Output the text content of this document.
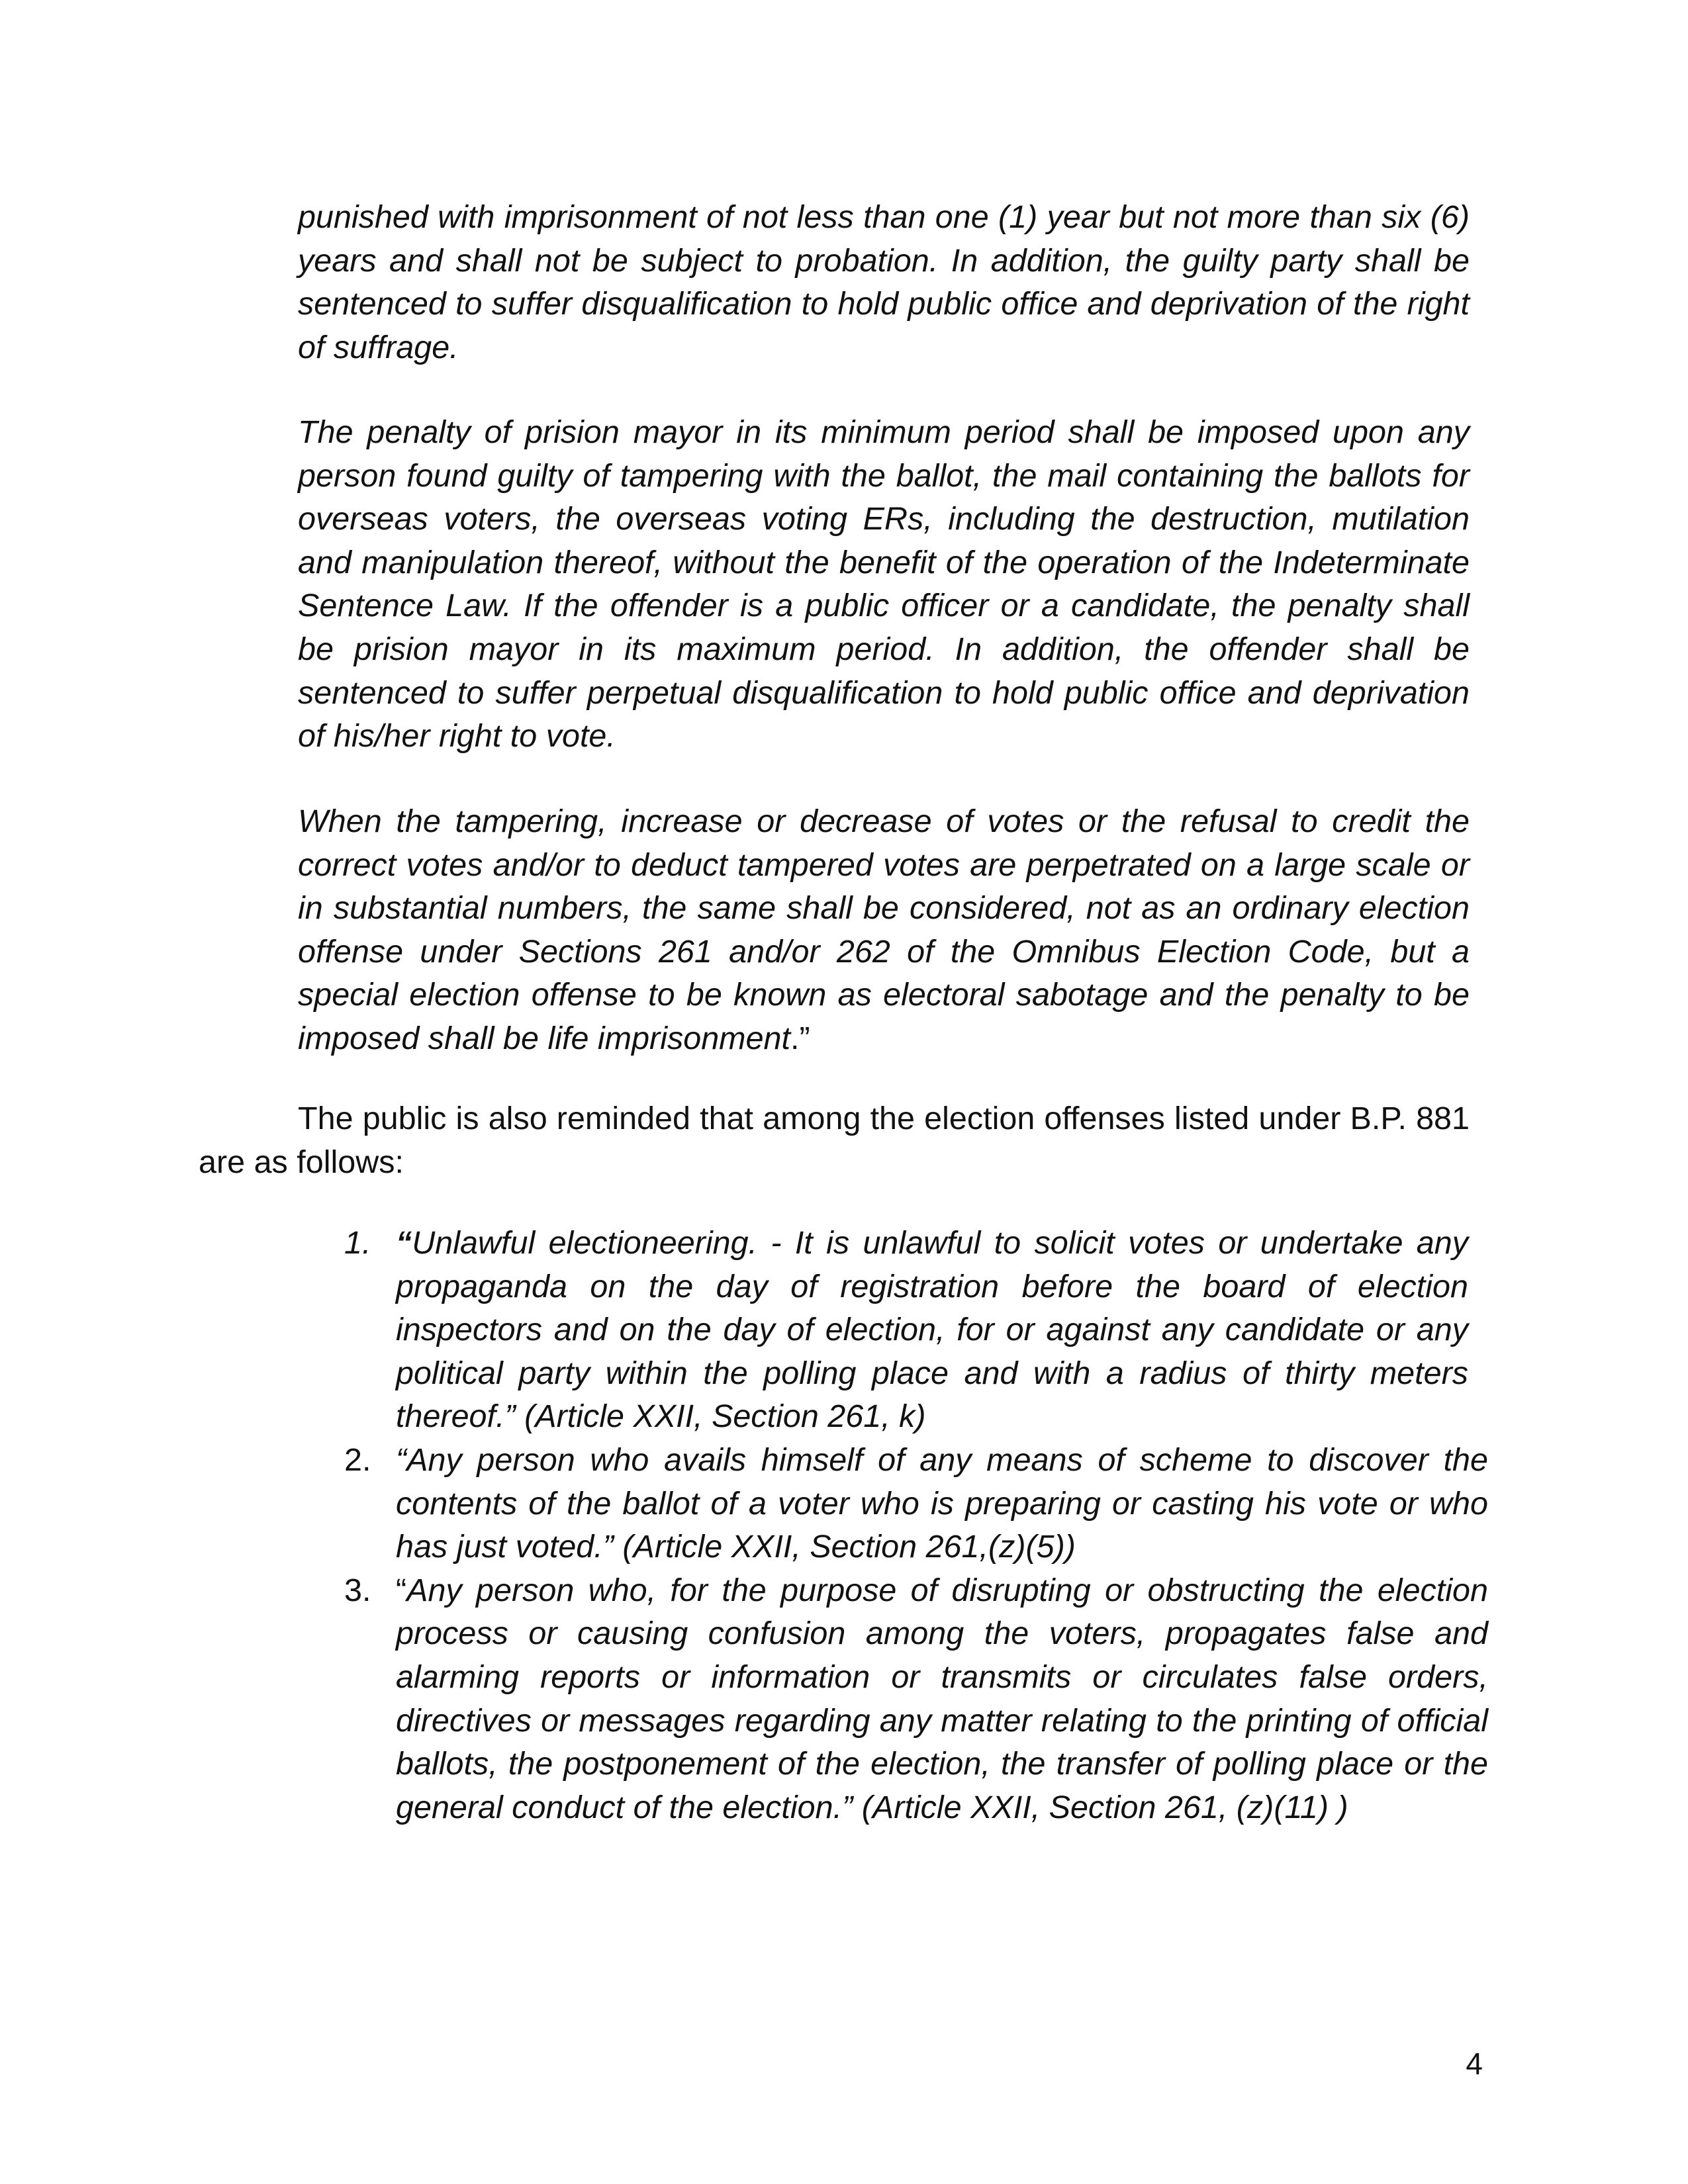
punished with imprisonment of not less than one (1) year but not more than six (6) years and shall not be subject to probation. In addition, the guilty party shall be sentenced to suffer disqualification to hold public office and deprivation of the right of suffrage.

The penalty of prision mayor in its minimum period shall be imposed upon any person found guilty of tampering with the ballot, the mail containing the ballots for overseas voters, the overseas voting ERs, including the destruction, mutilation and manipulation thereof, without the benefit of the operation of the Indeterminate Sentence Law. If the offender is a public officer or a candidate, the penalty shall be prision mayor in its maximum period. In addition, the offender shall be sentenced to suffer perpetual disqualification to hold public office and deprivation of his/her right to vote.

When the tampering, increase or decrease of votes or the refusal to credit the correct votes and/or to deduct tampered votes are perpetrated on a large scale or in substantial numbers, the same shall be considered, not as an ordinary election offense under Sections 261 and/or 262 of the Omnibus Election Code, but a special election offense to be known as electoral sabotage and the penalty to be imposed shall be life imprisonment.”

The public is also reminded that among the election offenses listed under B.P. 881 are as follows:

1. “Unlawful electioneering. - It is unlawful to solicit votes or undertake any propaganda on the day of registration before the board of election inspectors and on the day of election, for or against any candidate or any political party within the polling place and with a radius of thirty meters thereof.” (Article XXII, Section 261, k)
2. “Any person who avails himself of any means of scheme to discover the contents of the ballot of a voter who is preparing or casting his vote or who has just voted.” (Article XXII, Section 261,(z)(5))
3. “Any person who, for the purpose of disrupting or obstructing the election process or causing confusion among the voters, propagates false and alarming reports or information or transmits or circulates false orders, directives or messages regarding any matter relating to the printing of official ballots, the postponement of the election, the transfer of polling place or the general conduct of the election.” (Article XXII, Section 261, (z)(11) )
4
